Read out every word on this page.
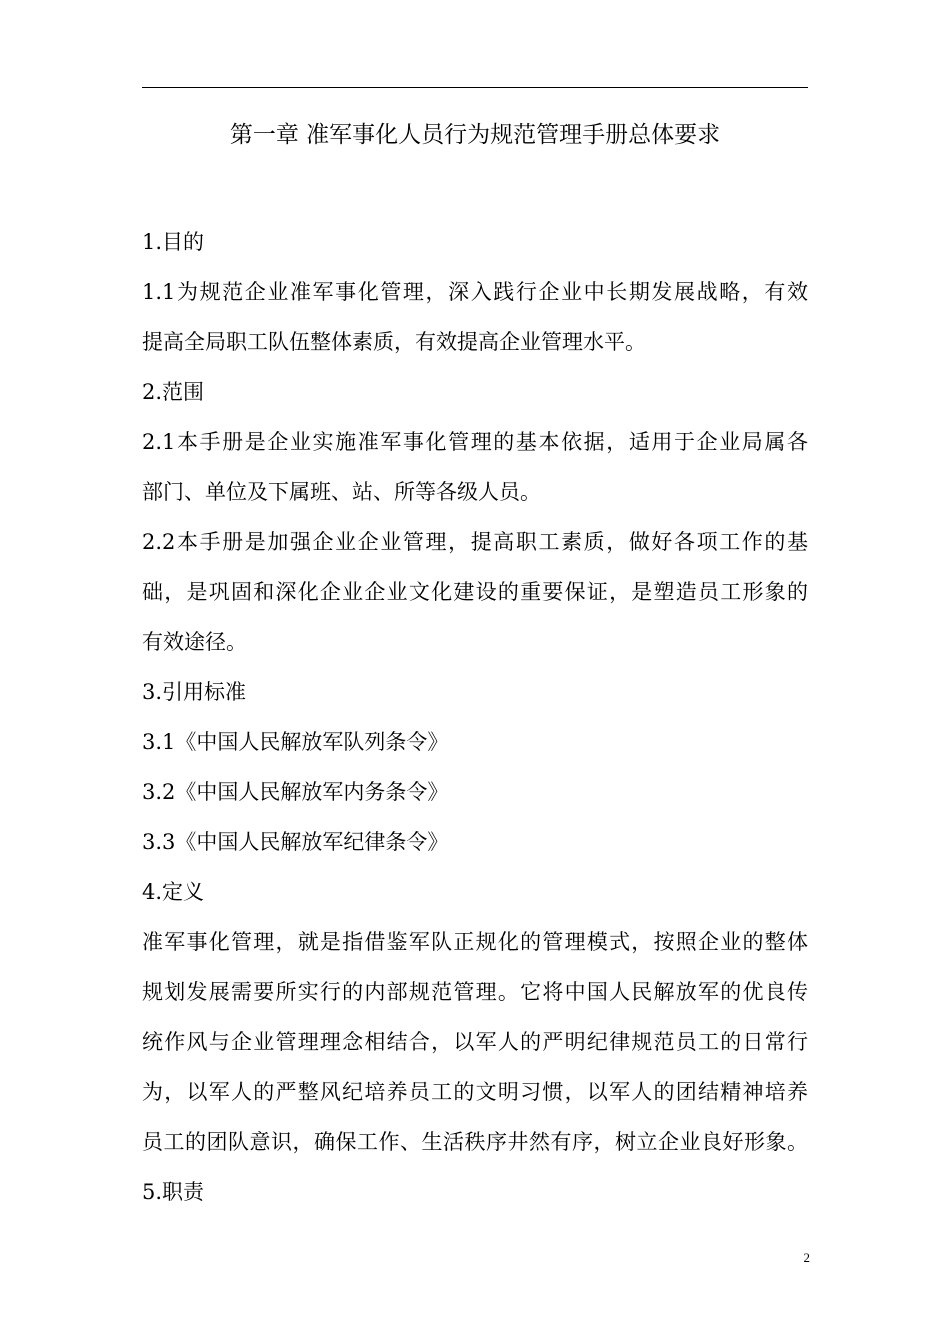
第一章 准军事化人员行为规范管理手册总体要求

1.目的

1.1为规范企业准军事化管理，深入践行企业中长期发展战略，有效

提高全局职工队伍整体素质，有效提高企业管理水平。

2.范围

2.1本手册是企业实施准军事化管理的基本依据，适用于企业局属各

部门、单位及下属班、站、所等各级人员。

2.2本手册是加强企业企业管理，提高职工素质，做好各项工作的基

础，是巩固和深化企业企业文化建设的重要保证，是塑造员工形象的

有效途径。

3.引用标准

3.1《中国人民解放军队列条令》

3.2《中国人民解放军内务条令》

3.3《中国人民解放军纪律条令》

4.定义

准军事化管理，就是指借鉴军队正规化的管理模式，按照企业的整体

规划发展需要所实行的内部规范管理。它将中国人民解放军的优良传

统作风与企业管理理念相结合，以军人的严明纪律规范员工的日常行

为，以军人的严整风纪培养员工的文明习惯，以军人的团结精神培养

员工的团队意识，确保工作、生活秩序井然有序，树立企业良好形象。

5.职责

2
